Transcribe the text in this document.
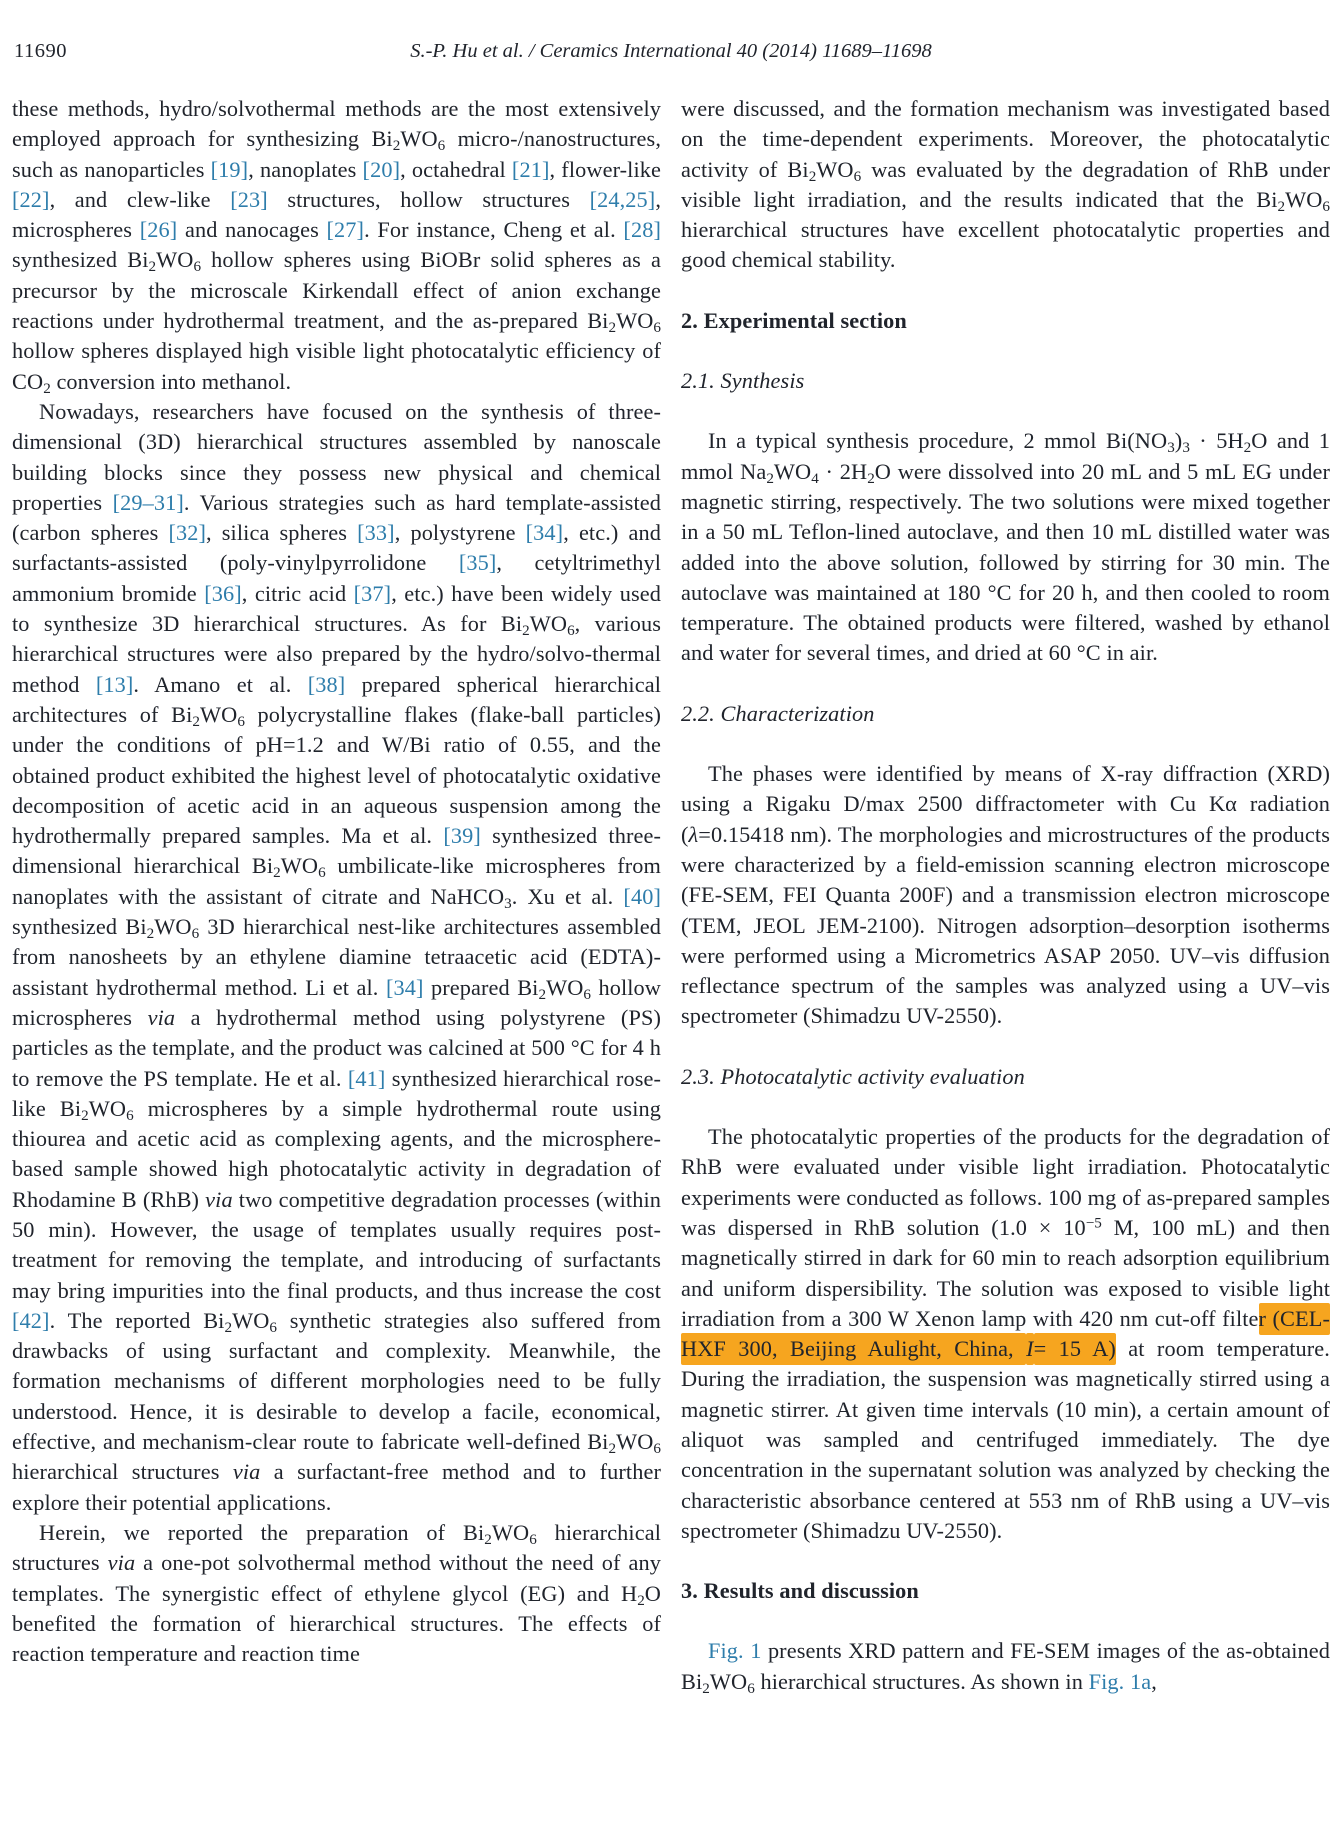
11690	S.-P. Hu et al. / Ceramics International 40 (2014) 11689–11698

these methods, hydro/solvothermal methods are the most extensively employed approach for synthesizing $Bi_2WO_6$ micro-/nanostructures, such as nanoparticles [19], nanoplates [20], octahedral [21], flower-like [22], and clew-like [23] structures, hollow structures [24,25], microspheres [26] and nanocages [27]. For instance, Cheng et al. [28] synthesized $Bi_2WO_6$ hollow spheres using BiOBr solid spheres as a precursor by the microscale Kirkendall effect of anion exchange reactions under hydrothermal treatment, and the as-prepared $Bi_2WO_6$ hollow spheres displayed high visible light photocatalytic efficiency of $CO_2$ conversion into methanol.

Nowadays, researchers have focused on the synthesis of three-dimensional (3D) hierarchical structures assembled by nanoscale building blocks since they possess new physical and chemical properties [29–31]. Various strategies such as hard template-assisted (carbon spheres [32], silica spheres [33], polystyrene [34], etc.) and surfactants-assisted (poly-vinylpyrrolidone [35], cetyltrimethyl ammonium bromide [36], citric acid [37], etc.) have been widely used to synthesize 3D hierarchical structures. As for $Bi_2WO_6$, various hierarchical structures were also prepared by the hydro/solvo-thermal method [13]. Amano et al. [38] prepared spherical hierarchical architectures of $Bi_2WO_6$ polycrystalline flakes (flake-ball particles) under the conditions of pH=1.2 and W/Bi ratio of 0.55, and the obtained product exhibited the highest level of photocatalytic oxidative decomposition of acetic acid in an aqueous suspension among the hydrothermally prepared samples. Ma et al. [39] synthesized three-dimensional hierarchical $Bi_2WO_6$ umbilicate-like microspheres from nanoplates with the assistant of citrate and NaHCO$_3$. Xu et al. [40] synthesized $Bi_2WO_6$ 3D hierarchical nest-like architectures assembled from nanosheets by an ethylene diamine tetraacetic acid (EDTA)-assistant hydrothermal method. Li et al. [34] prepared $Bi_2WO_6$ hollow microspheres via a hydrothermal method using polystyrene (PS) particles as the template, and the product was calcined at 500 °C for 4 h to remove the PS template. He et al. [41] synthesized hierarchical rose-like $Bi_2WO_6$ microspheres by a simple hydrothermal route using thiourea and acetic acid as complexing agents, and the microsphere-based sample showed high photocatalytic activity in degradation of Rhodamine B (RhB) via two competitive degradation processes (within 50 min). However, the usage of templates usually requires post-treatment for removing the template, and introducing of surfactants may bring impurities into the final products, and thus increase the cost [42]. The reported $Bi_2WO_6$ synthetic strategies also suffered from drawbacks of using surfactant and complexity. Meanwhile, the formation mechanisms of different morphologies need to be fully understood. Hence, it is desirable to develop a facile, economical, effective, and mechanism-clear route to fabricate well-defined $Bi_2WO_6$ hierarchical structures via a surfactant-free method and to further explore their potential applications.

Herein, we reported the preparation of $Bi_2WO_6$ hierarchical structures via a one-pot solvothermal method without the need of any templates. The synergistic effect of ethylene glycol (EG) and $H_2O$ benefited the formation of hierarchical structures. The effects of reaction temperature and reaction time

were discussed, and the formation mechanism was investigated based on the time-dependent experiments. Moreover, the photocatalytic activity of $Bi_2WO_6$ was evaluated by the degradation of RhB under visible light irradiation, and the results indicated that the $Bi_2WO_6$ hierarchical structures have excellent photocatalytic properties and good chemical stability.

2. Experimental section
2.1. Synthesis

In a typical synthesis procedure, 2 mmol $Bi(NO_3)_3 \cdot 5H_2O$ and 1 mmol $Na_2WO_4 \cdot 2H_2O$ were dissolved into 20 mL and 5 mL EG under magnetic stirring, respectively. The two solutions were mixed together in a 50 mL Teflon-lined autoclave, and then 10 mL distilled water was added into the above solution, followed by stirring for 30 min. The autoclave was maintained at 180 °C for 20 h, and then cooled to room temperature. The obtained products were filtered, washed by ethanol and water for several times, and dried at 60 °C in air.

2.2. Characterization

The phases were identified by means of X-ray diffraction (XRD) using a Rigaku D/max 2500 diffractometer with Cu Kα radiation (λ=0.15418 nm). The morphologies and microstructures of the products were characterized by a field-emission scanning electron microscope (FE-SEM, FEI Quanta 200F) and a transmission electron microscope (TEM, JEOL JEM-2100). Nitrogen adsorption–desorption isotherms were performed using a Micrometrics ASAP 2050. UV–vis diffusion reflectance spectrum of the samples was analyzed using a UV–vis spectrometer (Shimadzu UV-2550).

2.3. Photocatalytic activity evaluation

The photocatalytic properties of the products for the degradation of RhB were evaluated under visible light irradiation. Photocatalytic experiments were conducted as follows. 100 mg of as-prepared samples was dispersed in RhB solution ($1.0 \times 10^{-5}$ M, 100 mL) and then magnetically stirred in dark for 60 min to reach adsorption equilibrium and uniform dispersibility. The solution was exposed to visible light irradiation from a 300 W Xenon lamp with 420 nm cut-off filter (CEL-HXF 300, Beijing Aulight, China, I= 15 A) at room temperature. During the irradiation, the suspension was magnetically stirred using a magnetic stirrer. At given time intervals (10 min), a certain amount of aliquot was sampled and centrifuged immediately. The dye concentration in the supernatant solution was analyzed by checking the characteristic absorbance centered at 553 nm of RhB using a UV–vis spectrometer (Shimadzu UV-2550).

3. Results and discussion

Fig. 1 presents XRD pattern and FE-SEM images of the as-obtained $Bi_2WO_6$ hierarchical structures. As shown in Fig. 1a,
